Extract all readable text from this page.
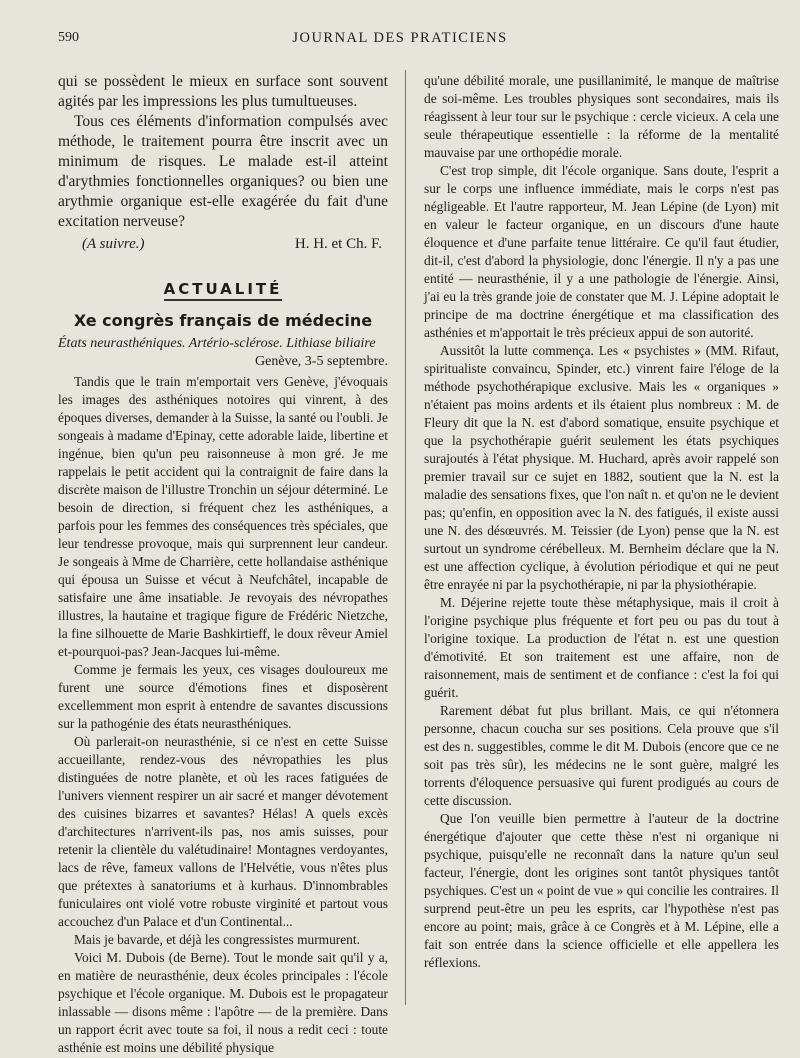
590	JOURNAL DES PRATICIENS

qui se possèdent le mieux en surface sont souvent agités par les impressions les plus tumultueuses.

Tous ces éléments d'information compulsés avec méthode, le traitement pourra être inscrit avec un minimum de risques. Le malade est-il atteint d'arythmies fonctionnelles organiques? ou bien une arythmie organique est-elle exagérée du fait d'une excitation nerveuse?

(A suivre.)	H. H. et Ch. F.
ACTUALITÉ
Xe congrès français de médecine
États neurasthéniques. Artério-sclérose. Lithiase biliaire
Genève, 3-5 septembre.

Tandis que le train m'emportait vers Genève, j'évoquais les images des asthéniques notoires qui vinrent, à des époques diverses, demander à la Suisse, la santé ou l'oubli. Je songeais à madame d'Epinay, cette adorable laide, libertine et ingénue, bien qu'un peu raisonneuse à mon gré. Je me rappelais le petit accident qui la contraignit de faire dans la discrète maison de l'illustre Tronchin un séjour déterminé. Le besoin de direction, si fréquent chez les asthéniques, a parfois pour les femmes des conséquences très spéciales, que leur tendresse provoque, mais qui surprennent leur candeur. Je songeais à Mme de Charrière, cette hollandaise asthénique qui épousa un Suisse et vécut à Neufchâtel, incapable de satisfaire une âme insatiable. Je revoyais des névropathes illustres, la hautaine et tragique figure de Frédéric Nietzche, la fine silhouette de Marie Bashkirtieff, le doux rêveur Amiel et-pourquoi-pas? Jean-Jacques lui-même.

Comme je fermais les yeux, ces visages douloureux me furent une source d'émotions fines et disposèrent excellemment mon esprit à entendre de savantes discussions sur la pathogénie des états neurasthéniques.

Où parlerait-on neurasthénie, si ce n'est en cette Suisse accueillante, rendez-vous des névropathies les plus distinguées de notre planète, et où les races fatiguées de l'univers viennent respirer un air sacré et manger dévotement des cuisines bizarres et savantes? Hélas! A quels excès d'architectures n'arrivent-ils pas, nos amis suisses, pour retenir la clientèle du valétudinaire! Montagnes verdoyantes, lacs de rêve, fameux vallons de l'Helvétie, vous n'êtes plus que prétextes à sanatoriums et à kurhaus. D'innombrables funiculaires ont violé votre robuste virginité et partout vous accouchez d'un Palace et d'un Continental...

Mais je bavarde, et déjà les congressistes murmurent.

Voici M. Dubois (de Berne). Tout le monde sait qu'il y a, en matière de neurasthénie, deux écoles principales : l'école psychique et l'école organique. M. Dubois est le propagateur inlassable — disons même : l'apôtre — de la première. Dans un rapport écrit avec toute sa foi, il nous a redit ceci : toute asthénie est moins une débilité physique

qu'une débilité morale, une pusillanimité, le manque de maîtrise de soi-même. Les troubles physiques sont secondaires, mais ils réagissent à leur tour sur le psychique : cercle vicieux. A cela une seule thérapeutique essentielle : la réforme de la mentalité mauvaise par une orthopédie morale.

C'est trop simple, dit l'école organique. Sans doute, l'esprit a sur le corps une influence immédiate, mais le corps n'est pas négligeable. Et l'autre rapporteur, M. Jean Lépine (de Lyon) mit en valeur le facteur organique, en un discours d'une haute éloquence et d'une parfaite tenue littéraire. Ce qu'il faut étudier, dit-il, c'est d'abord la physiologie, donc l'énergie. Il n'y a pas une entité — neurasthénie, il y a une pathologie de l'énergie. Ainsi, j'ai eu la très grande joie de constater que M. J. Lépine adoptait le principe de ma doctrine énergétique et ma classification des asthénies et m'apportait le très précieux appui de son autorité.

Aussitôt la lutte commença. Les « psychistes » (MM. Rifaut, spiritualiste convaincu, Spinder, etc.) vinrent faire l'éloge de la méthode psychothérapique exclusive. Mais les « organiques » n'étaient pas moins ardents et ils étaient plus nombreux : M. de Fleury dit que la N. est d'abord somatique, ensuite psychique et que la psychothérapie guérit seulement les états psychiques surajoutés à l'état physique. M. Huchard, après avoir rappelé son premier travail sur ce sujet en 1882, soutient que la N. est la maladie des sensations fixes, que l'on naît n. et qu'on ne le devient pas; qu'enfin, en opposition avec la N. des fatigués, il existe aussi une N. des désœuvrés. M. Teissier (de Lyon) pense que la N. est surtout un syndrome cérébelleux. M. Bernheim déclare que la N. est une affection cyclique, à évolution périodique et qui ne peut être enrayée ni par la psychothérapie, ni par la physiothérapie.

M. Déjerine rejette toute thèse métaphysique, mais il croit à l'origine psychique plus fréquente et fort peu ou pas du tout à l'origine toxique. La production de l'état n. est une question d'émotivité. Et son traitement est une affaire, non de raisonnement, mais de sentiment et de confiance : c'est la foi qui guérit.

Rarement débat fut plus brillant. Mais, ce qui n'étonnera personne, chacun coucha sur ses positions. Cela prouve que s'il est des n. suggestibles, comme le dit M. Dubois (encore que ce ne soit pas très sûr), les médecins ne le sont guère, malgré les torrents d'éloquence persuasive qui furent prodigués au cours de cette discussion.

Que l'on veuille bien permettre à l'auteur de la doctrine énergétique d'ajouter que cette thèse n'est ni organique ni psychique, puisqu'elle ne reconnaît dans la nature qu'un seul facteur, l'énergie, dont les origines sont tantôt physiques tantôt psychiques. C'est un « point de vue » qui concilie les contraires. Il surprend peut-être un peu les esprits, car l'hypothèse n'est pas encore au point; mais, grâce à ce Congrès et à M. Lépine, elle a fait son entrée dans la science officielle et elle appellera les réflexions.
